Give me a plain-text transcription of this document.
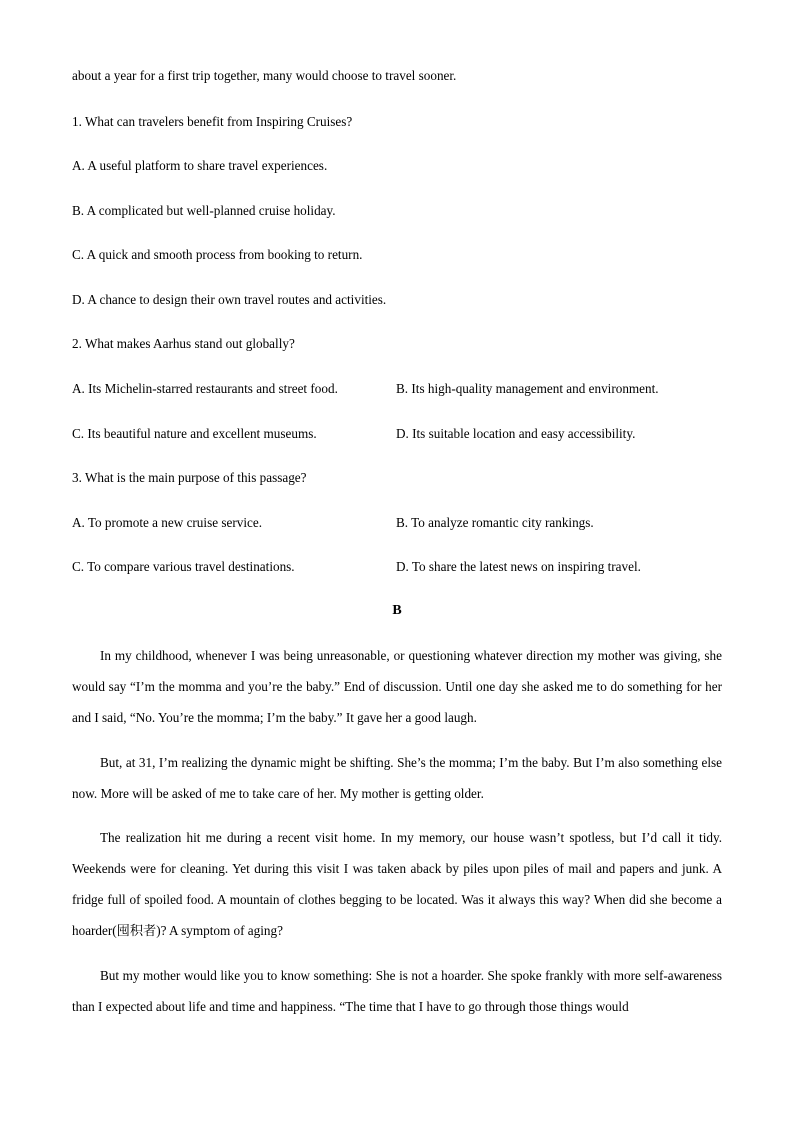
about a year for a first trip together, many would choose to travel sooner.
1. What can travelers benefit from Inspiring Cruises?
A. A useful platform to share travel experiences.
B. A complicated but well-planned cruise holiday.
C. A quick and smooth process from booking to return.
D. A chance to design their own travel routes and activities.
2. What makes Aarhus stand out globally?
A. Its Michelin-starred restaurants and street food.	B. Its high-quality management and environment.
C. Its beautiful nature and excellent museums.	D. Its suitable location and easy accessibility.
3. What is the main purpose of this passage?
A. To promote a new cruise service.	B. To analyze romantic city rankings.
C. To compare various travel destinations.	D. To share the latest news on inspiring travel.
B

In my childhood, whenever I was being unreasonable, or questioning whatever direction my mother was giving, she would say “I’m the momma and you’re the baby.” End of discussion. Until one day she asked me to do something for her and I said, “No. You’re the momma; I’m the baby.” It gave her a good laugh.

But, at 31, I’m realizing the dynamic might be shifting. She’s the momma; I’m the baby. But I’m also something else now. More will be asked of me to take care of her. My mother is getting older.

The realization hit me during a recent visit home. In my memory, our house wasn’t spotless, but I’d call it tidy. Weekends were for cleaning. Yet during this visit I was taken aback by piles upon piles of mail and papers and junk. A fridge full of spoiled food. A mountain of clothes begging to be located. Was it always this way? When did she become a hoarder(囤积者)? A symptom of aging?

But my mother would like you to know something: She is not a hoarder. She spoke frankly with more self-awareness than I expected about life and time and happiness. “The time that I have to go through those things would
